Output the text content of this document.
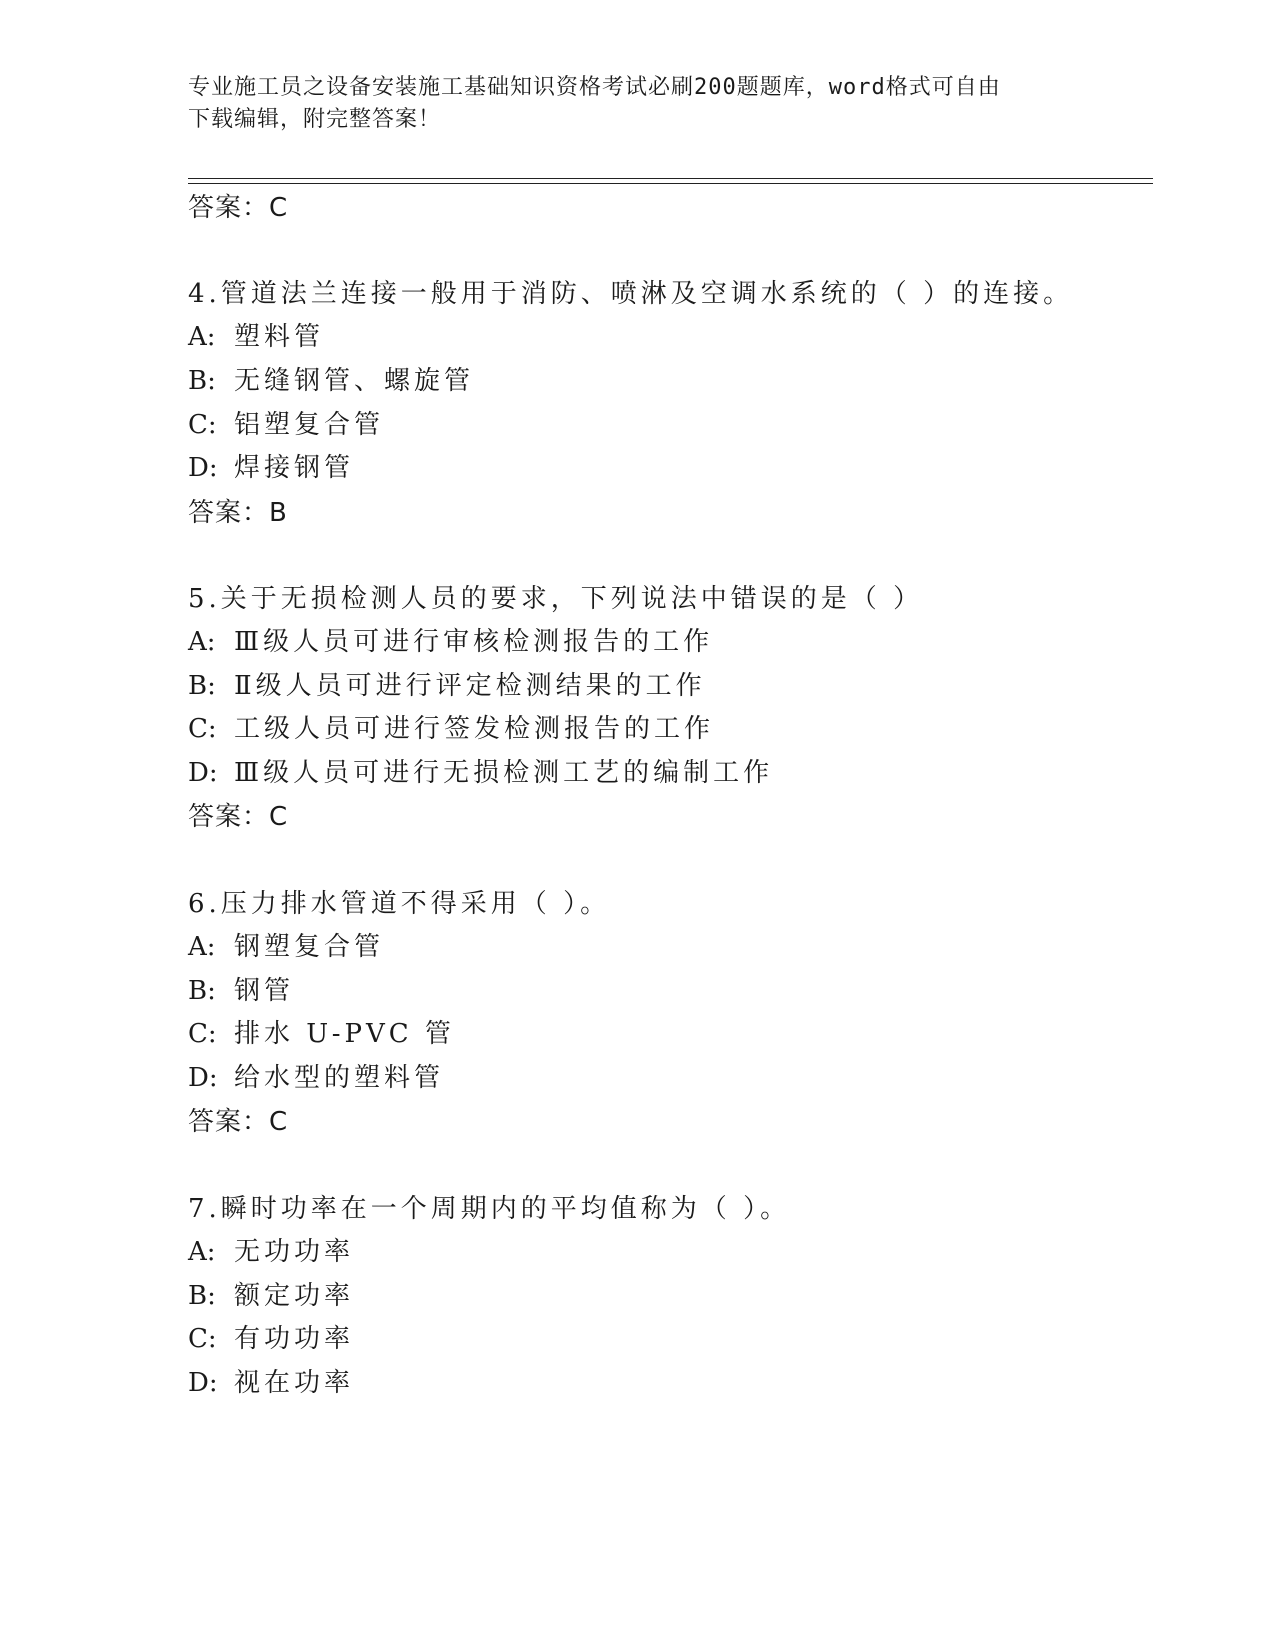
专业施工员之设备安装施工基础知识资格考试必刷200题题库，word格式可自由
下载编辑，附完整答案！
答案：C
4.管道法兰连接一般用于消防、喷淋及空调水系统的（ ）的连接。
A: 塑料管
B: 无缝钢管、螺旋管
C: 铝塑复合管
D: 焊接钢管
答案：B
5.关于无损检测人员的要求，下列说法中错误的是（ ）
A: Ⅲ级人员可进行审核检测报告的工作
B: Ⅱ级人员可进行评定检测结果的工作
C: 工级人员可进行签发检测报告的工作
D: Ⅲ级人员可进行无损检测工艺的编制工作
答案：C
6.压力排水管道不得采用（ ）。
A: 钢塑复合管
B: 钢管
C: 排水 U-PVC 管
D: 给水型的塑料管
答案：C
7.瞬时功率在一个周期内的平均值称为（ ）。
A: 无功功率
B: 额定功率
C: 有功功率
D: 视在功率
